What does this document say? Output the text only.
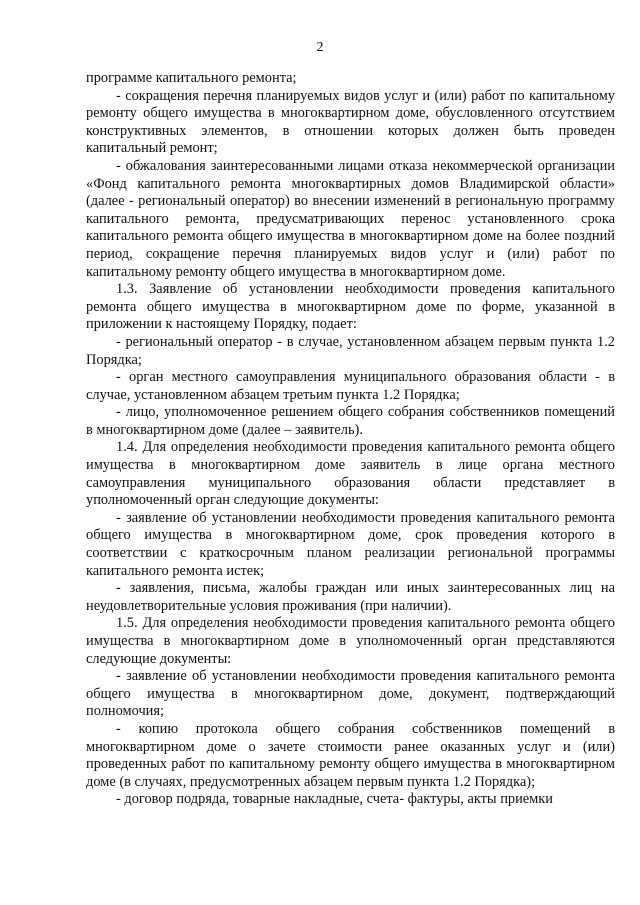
2

программе капитального ремонта;

- сокращения перечня планируемых видов услуг и (или) работ по капитальному ремонту общего имущества в многоквартирном доме, обусловленного отсутствием конструктивных элементов, в отношении которых должен быть проведен капитальный ремонт;

- обжалования заинтересованными лицами отказа некоммерческой организации «Фонд капитального ремонта многоквартирных домов Владимирской области» (далее - региональный оператор) во внесении изменений в региональную программу капитального ремонта, предусматривающих перенос установленного срока капитального ремонта общего имущества в многоквартирном доме на более поздний период, сокращение перечня планируемых видов услуг и (или) работ по капитальному ремонту общего имущества в многоквартирном доме.

1.3. Заявление об установлении необходимости проведения капитального ремонта общего имущества в многоквартирном доме по форме, указанной в приложении к настоящему Порядку, подает:

- региональный оператор - в случае, установленном абзацем первым пункта 1.2 Порядка;

- орган местного самоуправления муниципального образования области - в случае, установленном абзацем третьим пункта 1.2 Порядка;

- лицо, уполномоченное решением общего собрания собственников помещений в многоквартирном доме (далее – заявитель).

1.4. Для определения необходимости проведения капитального ремонта общего имущества в многоквартирном доме заявитель в лице органа местного самоуправления муниципального образования области представляет в уполномоченный орган следующие документы:

- заявление об установлении необходимости проведения капитального ремонта общего имущества в многоквартирном доме, срок проведения которого в соответствии с краткосрочным планом реализации региональной программы капитального ремонта истек;

- заявления, письма, жалобы граждан или иных заинтересованных лиц на неудовлетворительные условия проживания (при наличии).

1.5. Для определения необходимости проведения капитального ремонта общего имущества в многоквартирном доме в уполномоченный орган представляются следующие документы:

- заявление об установлении необходимости проведения капитального ремонта общего имущества в многоквартирном доме, документ, подтверждающий полномочия;

- копию протокола общего собрания собственников помещений в многоквартирном доме о зачете стоимости ранее оказанных услуг и (или) проведенных работ по капитальному ремонту общего имущества в многоквартирном доме (в случаях, предусмотренных абзацем первым пункта 1.2 Порядка);

- договор подряда, товарные накладные, счета- фактуры, акты приемки
